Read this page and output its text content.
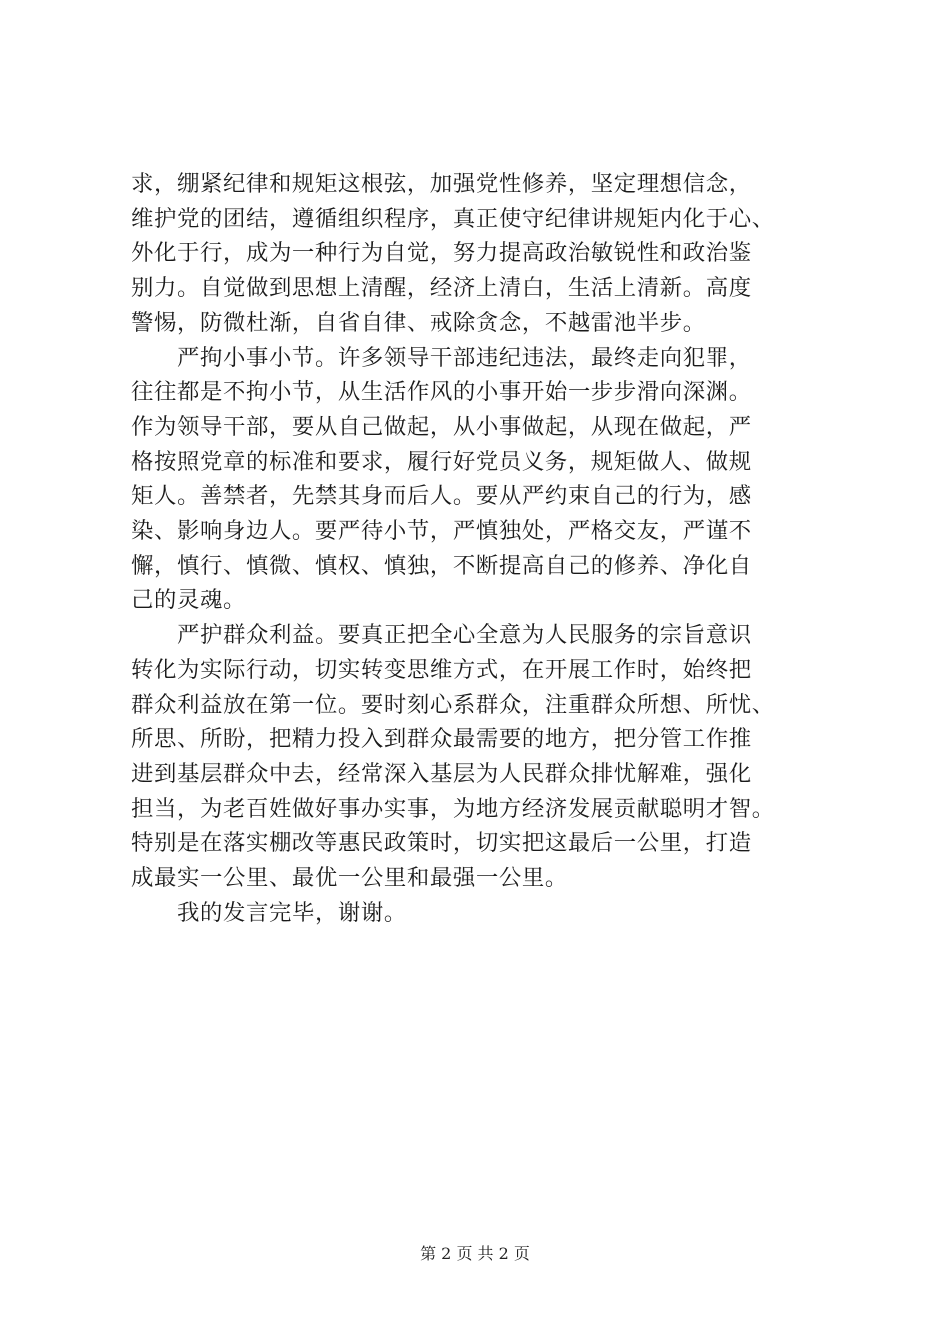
求，绷紧纪律和规矩这根弦，加强党性修养，坚定理想信念，

维护党的团结，遵循组织程序，真正使守纪律讲规矩内化于心、

外化于行，成为一种行为自觉，努力提高政治敏锐性和政治鉴

别力。自觉做到思想上清醒，经济上清白，生活上清新。高度

警惕，防微杜渐，自省自律、戒除贪念，不越雷池半步。

严拘小事小节。许多领导干部违纪违法，最终走向犯罪，

往往都是不拘小节，从生活作风的小事开始一步步滑向深渊。

作为领导干部，要从自己做起，从小事做起，从现在做起，严

格按照党章的标准和要求，履行好党员义务，规矩做人、做规

矩人。善禁者，先禁其身而后人。要从严约束自己的行为，感

染、影响身边人。要严待小节，严慎独处，严格交友，严谨不

懈，慎行、慎微、慎权、慎独，不断提高自己的修养、净化自

己的灵魂。

严护群众利益。要真正把全心全意为人民服务的宗旨意识

转化为实际行动，切实转变思维方式，在开展工作时，始终把

群众利益放在第一位。要时刻心系群众，注重群众所想、所忧、

所思、所盼，把精力投入到群众最需要的地方，把分管工作推

进到基层群众中去，经常深入基层为人民群众排忧解难，强化

担当，为老百姓做好事办实事，为地方经济发展贡献聪明才智。

特别是在落实棚改等惠民政策时，切实把这最后一公里，打造

成最实一公里、最优一公里和最强一公里。

我的发言完毕，谢谢。

第 2 页 共 2 页
